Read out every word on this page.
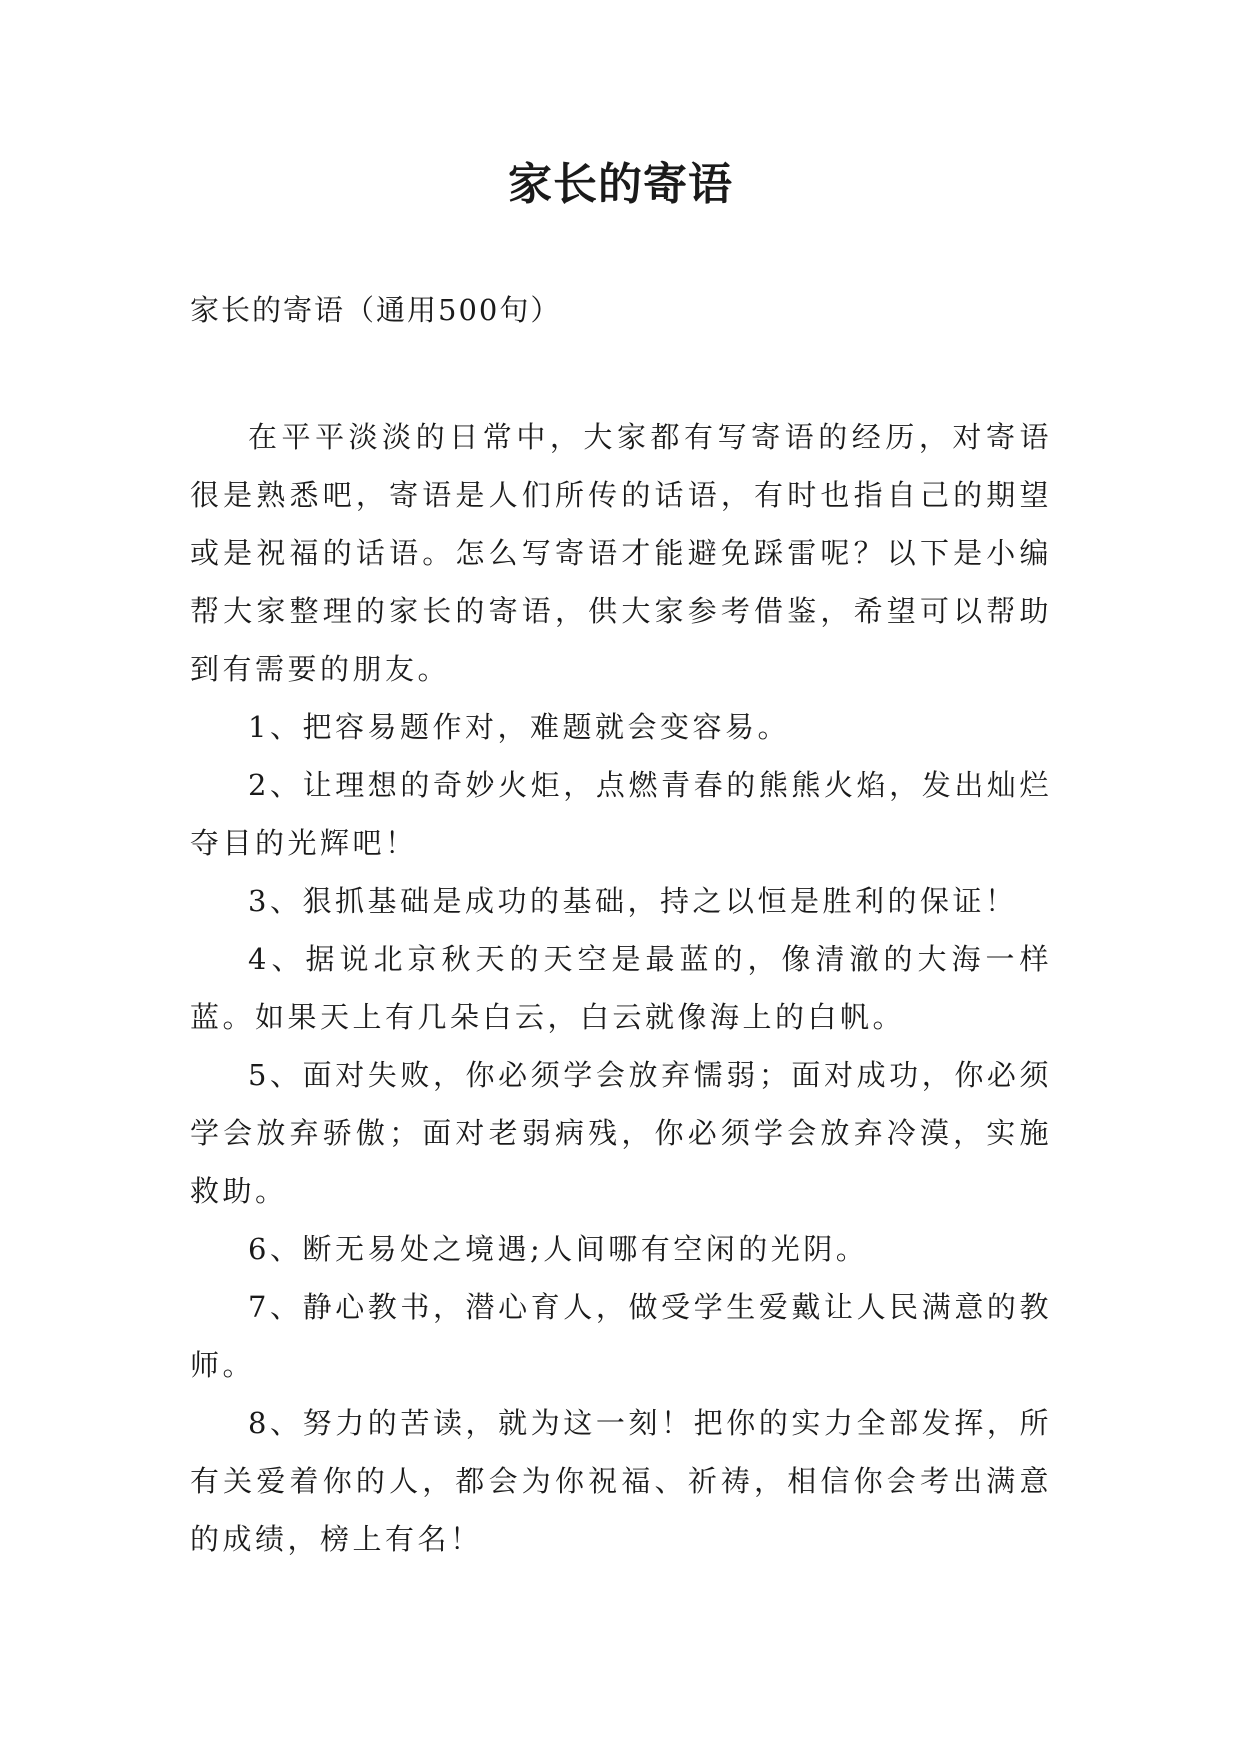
家长的寄语
家长的寄语（通用500句）

在平平淡淡的日常中，大家都有写寄语的经历，对寄语很是熟悉吧，寄语是人们所传的话语，有时也指自己的期望或是祝福的话语。怎么写寄语才能避免踩雷呢？以下是小编帮大家整理的家长的寄语，供大家参考借鉴，希望可以帮助到有需要的朋友。

1、把容易题作对，难题就会变容易。

2、让理想的奇妙火炬，点燃青春的熊熊火焰，发出灿烂夺目的光辉吧！

3、狠抓基础是成功的基础，持之以恒是胜利的保证！

4、据说北京秋天的天空是最蓝的，像清澈的大海一样蓝。如果天上有几朵白云，白云就像海上的白帆。

5、面对失败，你必须学会放弃懦弱；面对成功，你必须学会放弃骄傲；面对老弱病残，你必须学会放弃冷漠，实施救助。

6、断无易处之境遇;人间哪有空闲的光阴。

7、静心教书，潜心育人，做受学生爱戴让人民满意的教师。

8、努力的苦读，就为这一刻！把你的实力全部发挥，所有关爱着你的人，都会为你祝福、祈祷，相信你会考出满意的成绩，榜上有名！
